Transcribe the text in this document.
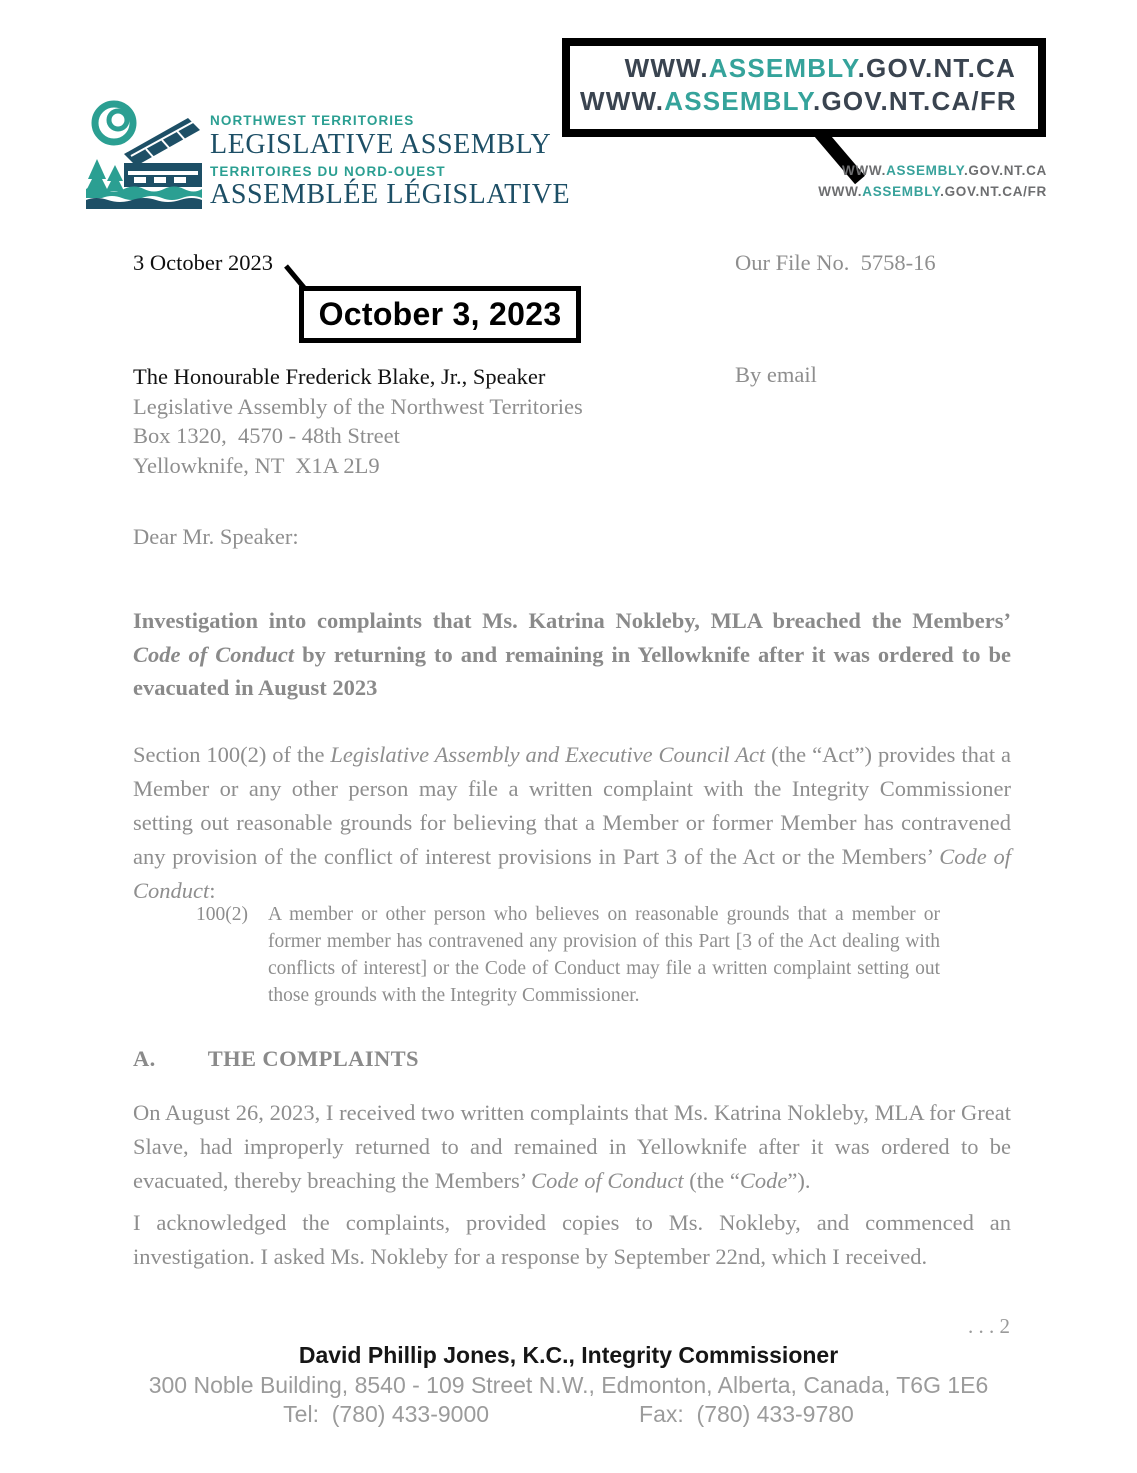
NORTHWEST TERRITORIES
LEGISLATIVE ASSEMBLY
TERRITOIRES DU NORD-OUEST
ASSEMBLÉE LÉGISLATIVE
WWW.ASSEMBLY.GOV.NT.CA
WWW.ASSEMBLY.GOV.NT.CA/FR
WWW.ASSEMBLY.GOV.NT.CA
WWW.ASSEMBLY.GOV.NT.CA/FR
3 October 2023	Our File No.  5758-16
October 3, 2023
The Honourable Frederick Blake, Jr., Speaker
Legislative Assembly of the Northwest Territories
Box 1320,  4570 - 48th Street
Yellowknife, NT  X1A 2L9
By email
Dear Mr. Speaker:
Investigation into complaints that Ms. Katrina Nokleby, MLA breached the Members’ Code of Conduct by returning to and remaining in Yellowknife after it was ordered to be evacuated in August 2023
Section 100(2) of the Legislative Assembly and Executive Council Act (the “Act”) provides that a Member or any other person may file a written complaint with the Integrity Commissioner setting out reasonable grounds for believing that a Member or former Member has contravened any provision of the conflict of interest provisions in Part 3 of the Act or the Members’ Code of Conduct:
100(2)	A member or other person who believes on reasonable grounds that a member or former member has contravened any provision of this Part [3 of the Act dealing with conflicts of interest] or the Code of Conduct may file a written complaint setting out those grounds with the Integrity Commissioner.
A. THE COMPLAINTS
On August 26, 2023, I received two written complaints that Ms. Katrina Nokleby, MLA for Great Slave, had improperly returned to and remained in Yellowknife after it was ordered to be evacuated, thereby breaching the Members’ Code of Conduct (the “Code”).
I acknowledged the complaints, provided copies to Ms. Nokleby, and commenced an investigation. I asked Ms. Nokleby for a response by September 22nd, which I received.
. . . 2
David Phillip Jones, K.C., Integrity Commissioner
300 Noble Building, 8540 - 109 Street N.W., Edmonton, Alberta, Canada, T6G 1E6
Tel:  (780) 433-9000	Fax:  (780) 433-9780
